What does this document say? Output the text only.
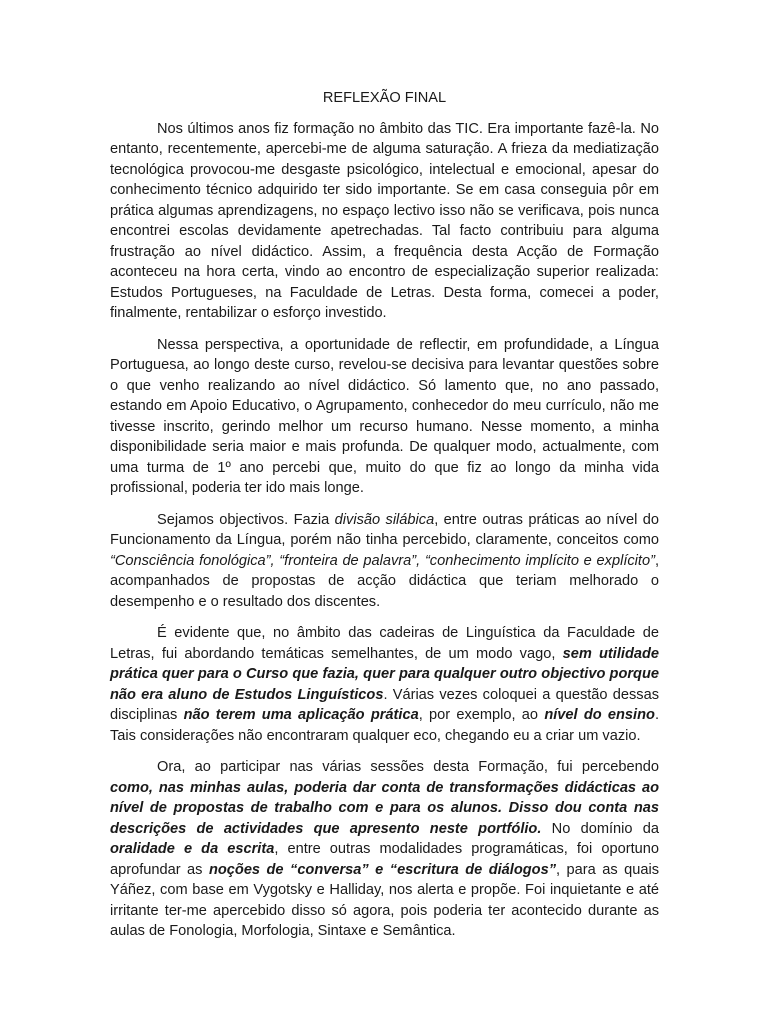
REFLEXÃO FINAL

Nos últimos anos fiz formação no âmbito das TIC. Era importante fazê-la. No entanto, recentemente, apercebi-me de alguma saturação. A frieza da mediatização tecnológica provocou-me desgaste psicológico, intelectual e emocional, apesar do conhecimento técnico adquirido ter sido importante. Se em casa conseguia pôr em prática algumas aprendizagens, no espaço lectivo isso não se verificava, pois nunca encontrei escolas devidamente apetrechadas. Tal facto contribuiu para alguma frustração ao nível didáctico. Assim, a frequência desta Acção de Formação aconteceu na hora certa, vindo ao encontro de especialização superior realizada: Estudos Portugueses, na Faculdade de Letras. Desta forma, comecei a poder, finalmente, rentabilizar o esforço investido.

Nessa perspectiva, a oportunidade de reflectir, em profundidade, a Língua Portuguesa, ao longo deste curso, revelou-se decisiva para levantar questões sobre o que venho realizando ao nível didáctico. Só lamento que, no ano passado, estando em Apoio Educativo, o Agrupamento, conhecedor do meu currículo, não me tivesse inscrito, gerindo melhor um recurso humano. Nesse momento, a minha disponibilidade seria maior e mais profunda. De qualquer modo, actualmente, com uma turma de 1º ano percebi que, muito do que fiz ao longo da minha vida profissional, poderia ter ido mais longe.

Sejamos objectivos. Fazia divisão silábica, entre outras práticas ao nível do Funcionamento da Língua, porém não tinha percebido, claramente, conceitos como “Consciência fonológica”, “fronteira de palavra”, “conhecimento implícito e explícito”, acompanhados de propostas de acção didáctica que teriam melhorado o desempenho e o resultado dos discentes.

É evidente que, no âmbito das cadeiras de Linguística da Faculdade de Letras, fui abordando temáticas semelhantes, de um modo vago, sem utilidade prática quer para o Curso que fazia, quer para qualquer outro objectivo porque não era aluno de Estudos Linguísticos. Várias vezes coloquei a questão dessas disciplinas não terem uma aplicação prática, por exemplo, ao nível do ensino. Tais considerações não encontraram qualquer eco, chegando eu a criar um vazio.

Ora, ao participar nas várias sessões desta Formação, fui percebendo como, nas minhas aulas, poderia dar conta de transformações didácticas ao nível de propostas de trabalho com e para os alunos. Disso dou conta nas descrições de actividades que apresento neste portfólio. No domínio da oralidade e da escrita, entre outras modalidades programáticas, foi oportuno aprofundar as noções de “conversa” e “escritura de diálogos”, para as quais Yáñez, com base em Vygotsky e Halliday, nos alerta e propõe. Foi inquietante e até irritante ter-me apercebido disso só agora, pois poderia ter acontecido durante as aulas de Fonologia, Morfologia, Sintaxe e Semântica.
